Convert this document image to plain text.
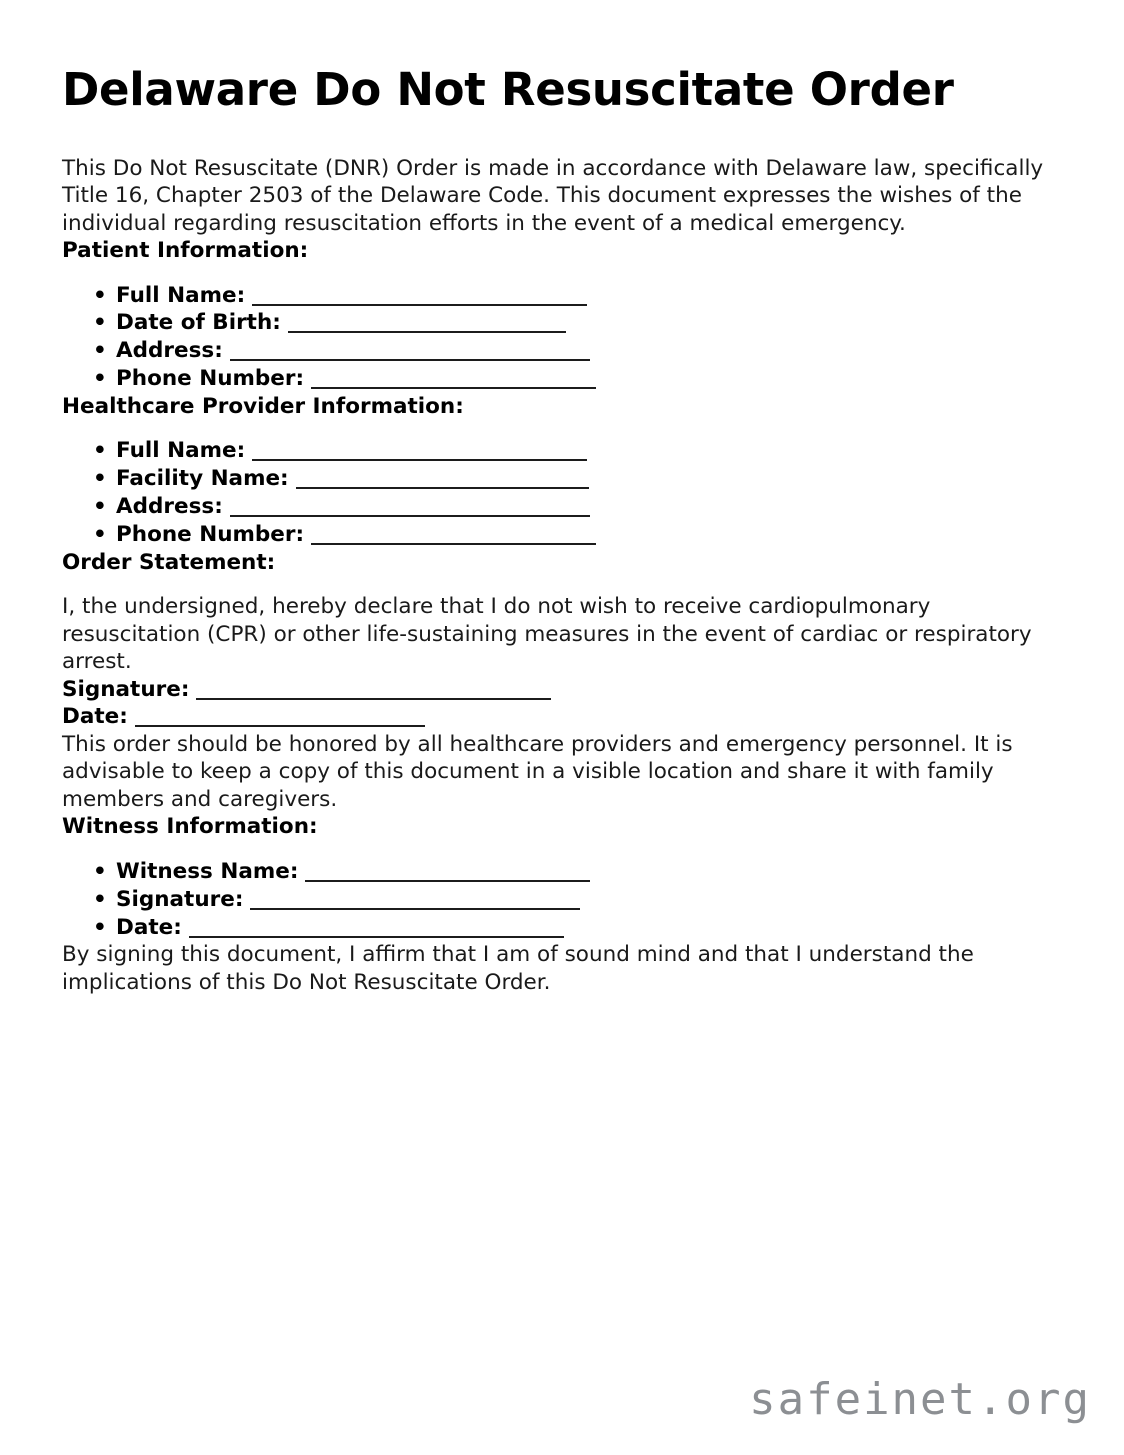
Delaware Do Not Resuscitate Order

This Do Not Resuscitate (DNR) Order is made in accordance with Delaware law, specifically Title 16, Chapter 2503 of the Delaware Code. This document expresses the wishes of the individual regarding resuscitation efforts in the event of a medical emergency.

Patient Information:
• Full Name:
• Date of Birth:
• Address:
• Phone Number:
Healthcare Provider Information:
• Full Name:
• Facility Name:
• Address:
• Phone Number:
Order Statement:

I, the undersigned, hereby declare that I do not wish to receive cardiopulmonary resuscitation (CPR) or other life-sustaining measures in the event of cardiac or respiratory arrest.

Signature:
Date:

This order should be honored by all healthcare providers and emergency personnel. It is advisable to keep a copy of this document in a visible location and share it with family members and caregivers.

Witness Information:
• Witness Name:
• Signature:
• Date:

By signing this document, I affirm that I am of sound mind and that I understand the implications of this Do Not Resuscitate Order.

safeinet.org
